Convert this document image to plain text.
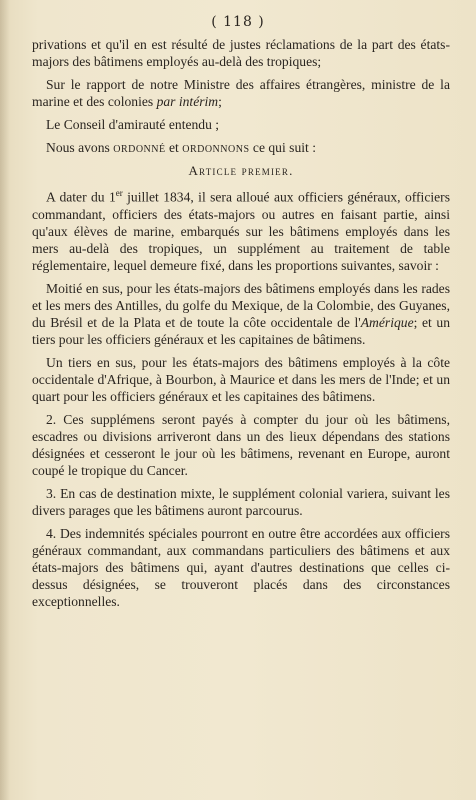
( 118 )

privations et qu'il en est résulté de justes réclamations de la part des états-majors des bâtimens employés au-delà des tropiques;

Sur le rapport de notre Ministre des affaires étrangères, ministre de la marine et des colonies par intérim;

Le Conseil d'amirauté entendu ;

Nous avons ordonné et ordonnons ce qui suit :

Article premier.

A dater du 1er juillet 1834, il sera alloué aux officiers généraux, officiers commandant, officiers des états-majors ou autres en faisant partie, ainsi qu'aux élèves de marine, embarqués sur les bâtimens employés dans les mers au-delà des tropiques, un supplément au traitement de table réglementaire, lequel demeure fixé, dans les proportions suivantes, savoir :

Moitié en sus, pour les états-majors des bâtimens employés dans les rades et les mers des Antilles, du golfe du Mexique, de la Colombie, des Guyanes, du Brésil et de la Plata et de toute la côte occidentale de l'Amérique; et un tiers pour les officiers généraux et les capitaines de bâtimens.

Un tiers en sus, pour les états-majors des bâtimens employés à la côte occidentale d'Afrique, à Bourbon, à Maurice et dans les mers de l'Inde; et un quart pour les officiers généraux et les capitaines des bâtimens.

2. Ces supplémens seront payés à compter du jour où les bâtimens, escadres ou divisions arriveront dans un des lieux dépendans des stations désignées et cesseront le jour où les bâtimens, revenant en Europe, auront coupé le tropique du Cancer.

3. En cas de destination mixte, le supplément colonial variera, suivant les divers parages que les bâtimens auront parcourus.

4. Des indemnités spéciales pourront en outre être accordées aux officiers généraux commandant, aux commandans particuliers des bâtimens et aux états-majors des bâtimens qui, ayant d'autres destinations que celles ci-dessus désignées, se trouveront placés dans des circonstances exceptionnelles.
